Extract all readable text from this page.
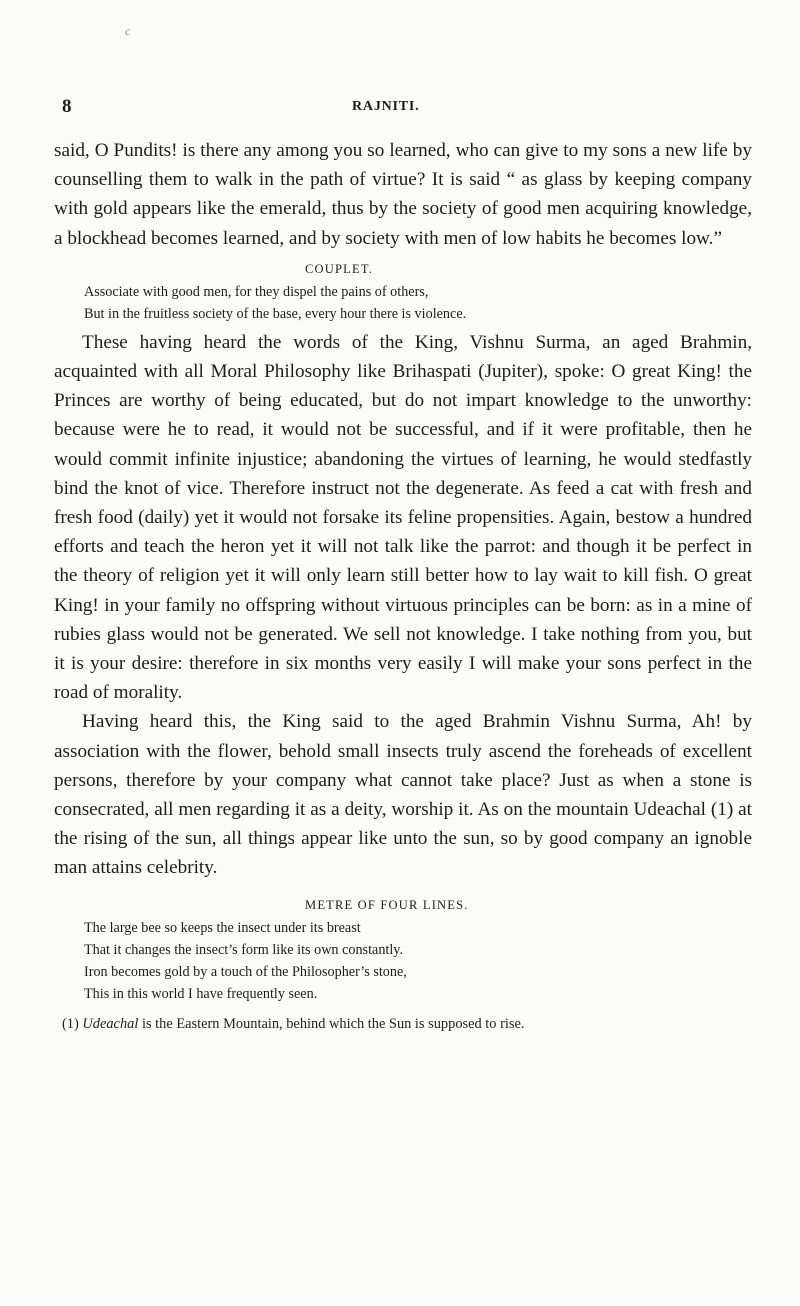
c
8	RAJNITI.

said, O Pundits! is there any among you so learned, who can give to my sons a new life by counselling them to walk in the path of virtue? It is said “ as glass by keeping company with gold appears like the emerald, thus by the society of good men acquiring knowledge, a blockhead becomes learned, and by society with men of low habits he becomes low.”

COUPLET.
Associate with good men, for they dispel the pains of others,
But in the fruitless society of the base, every hour there is violence.

These having heard the words of the King, Vishnu Surma, an aged Brahmin, acquainted with all Moral Philosophy like Brihaspati (Jupiter), spoke: O great King! the Princes are worthy of being educated, but do not impart knowledge to the unworthy: because were he to read, it would not be successful, and if it were profitable, then he would commit infinite injustice; abandoning the virtues of learning, he would stedfastly bind the knot of vice. Therefore instruct not the degenerate. As feed a cat with fresh and fresh food (daily) yet it would not forsake its feline propensities. Again, bestow a hundred efforts and teach the heron yet it will not talk like the parrot: and though it be perfect in the theory of religion yet it will only learn still better how to lay wait to kill fish. O great King! in your family no offspring without virtuous principles can be born: as in a mine of rubies glass would not be generated. We sell not knowledge. I take nothing from you, but it is your desire: therefore in six months very easily I will make your sons perfect in the road of morality.

Having heard this, the King said to the aged Brahmin Vishnu Surma, Ah! by association with the flower, behold small insects truly ascend the foreheads of excellent persons, therefore by your company what cannot take place? Just as when a stone is consecrated, all men regarding it as a deity, worship it. As on the mountain Udeachal (1) at the rising of the sun, all things appear like unto the sun, so by good company an ignoble man attains celebrity.

METRE OF FOUR LINES.
The large bee so keeps the insect under its breast
That it changes the insect’s form like its own constantly.
Iron becomes gold by a touch of the Philosopher’s stone,
This in this world I have frequently seen.
(1) Udeachal is the Eastern Mountain, behind which the Sun is supposed to rise.
